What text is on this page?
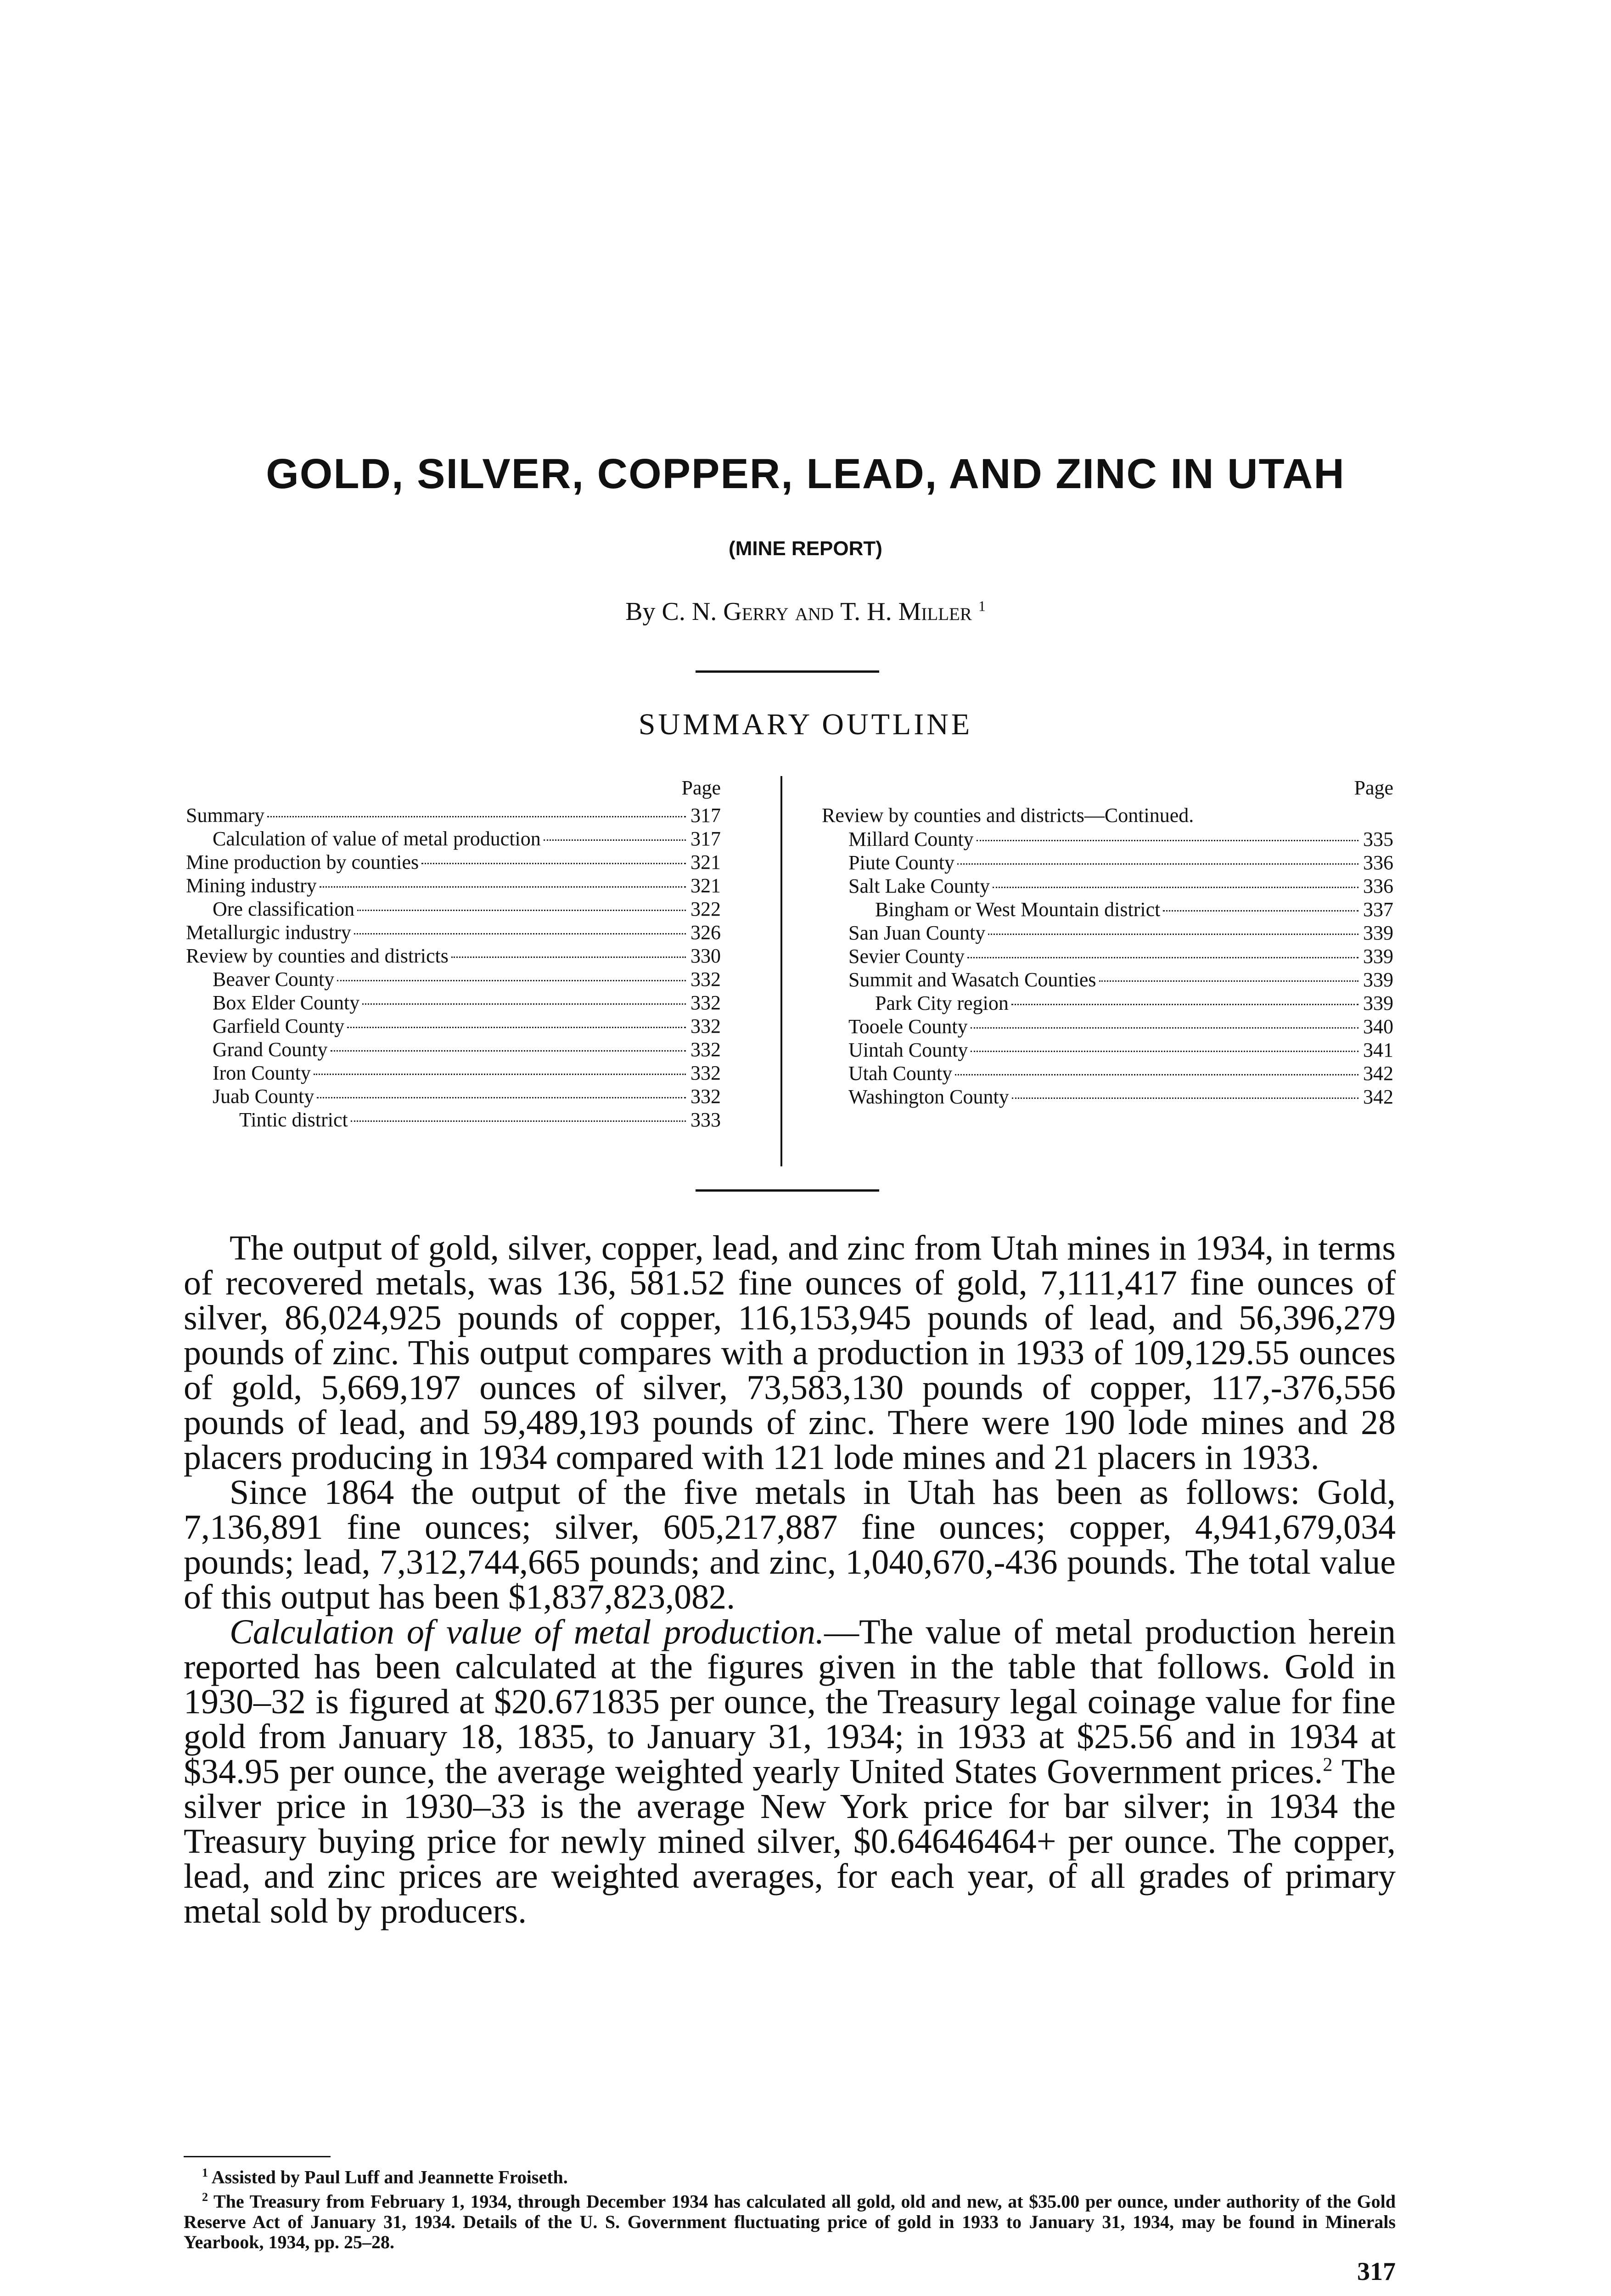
GOLD, SILVER, COPPER, LEAD, AND ZINC IN UTAH
(MINE REPORT)
By C. N. Gerry and T. H. Miller $^1$
SUMMARY OUTLINE
Page
Summary	317
Calculation of value of metal production	317
Mine production by counties	321
Mining industry	321
Ore classification	322
Metallurgic industry	326
Review by counties and districts	330
Beaver County	332
Box Elder County	332
Garfield County	332
Grand County	332
Iron County	332
Juab County	332
Tintic district	333
Page
Review by counties and districts—Continued.
Millard County	335
Piute County	336
Salt Lake County	336
Bingham or West Mountain district	337
San Juan County	339
Sevier County	339
Summit and Wasatch Counties	339
Park City region	339
Tooele County	340
Uintah County	341
Utah County	342
Washington County	342

The output of gold, silver, copper, lead, and zinc from Utah mines in 1934, in terms of recovered metals, was 136, 581.52 fine ounces of gold, 7,111,417 fine ounces of silver, 86,024,925 pounds of copper, 116,153,945 pounds of lead, and 56,396,279 pounds of zinc. This output compares with a production in 1933 of 109,129.55 ounces of gold, 5,669,197 ounces of silver, 73,583,130 pounds of copper, 117,-376,556 pounds of lead, and 59,489,193 pounds of zinc. There were 190 lode mines and 28 placers producing in 1934 compared with 121 lode mines and 21 placers in 1933.

Since 1864 the output of the five metals in Utah has been as follows: Gold, 7,136,891 fine ounces; silver, 605,217,887 fine ounces; copper, 4,941,679,034 pounds; lead, 7,312,744,665 pounds; and zinc, 1,040,670,-436 pounds. The total value of this output has been $1,837,823,082.

Calculation of value of metal production.—The value of metal production herein reported has been calculated at the figures given in the table that follows. Gold in 1930–32 is figured at $20.671835 per ounce, the Treasury legal coinage value for fine gold from January 18, 1835, to January 31, 1934; in 1933 at $25.56 and in 1934 at $34.95 per ounce, the average weighted yearly United States Government prices.$^2$ The silver price in 1930–33 is the average New York price for bar silver; in 1934 the Treasury buying price for newly mined silver, $0.64646464+ per ounce. The copper, lead, and zinc prices are weighted averages, for each year, of all grades of primary metal sold by producers.

$^1$ Assisted by Paul Luff and Jeannette Froiseth.

$^2$ The Treasury from February 1, 1934, through December 1934 has calculated all gold, old and new, at $35.00 per ounce, under authority of the Gold Reserve Act of January 31, 1934. Details of the U. S. Government fluctuating price of gold in 1933 to January 31, 1934, may be found in Minerals Yearbook, 1934, pp. 25–28.

317
